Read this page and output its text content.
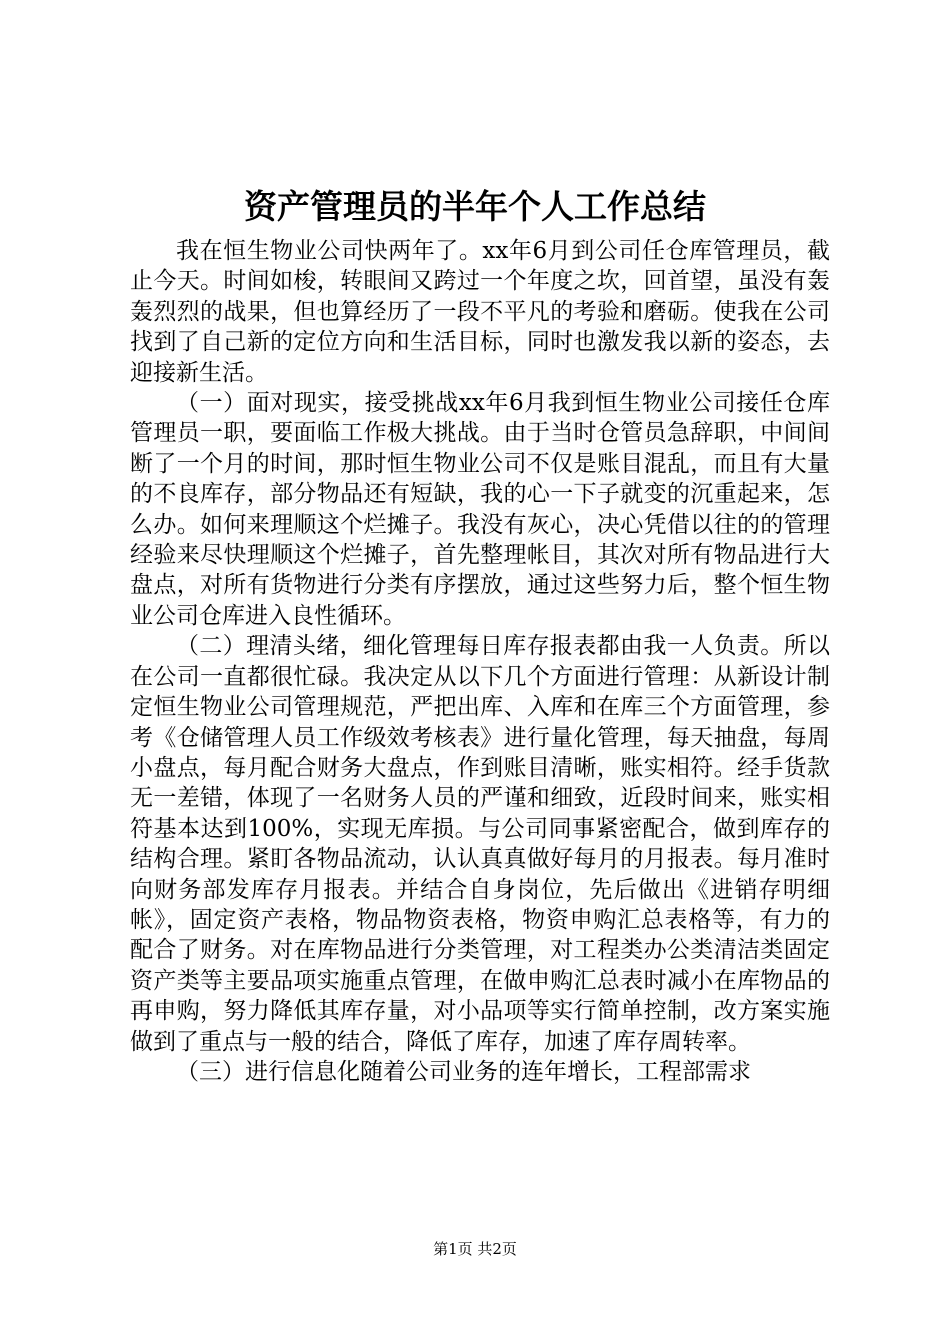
资产管理员的半年个人工作总结

我在恒生物业公司快两年了。xx年6月到公司任仓库管理员，截止今天。时间如梭，转眼间又跨过一个年度之坎，回首望，虽没有轰轰烈烈的战果，但也算经历了一段不平凡的考验和磨砺。使我在公司找到了自己新的定位方向和生活目标，同时也激发我以新的姿态，去迎接新生活。

（一）面对现实，接受挑战xx年6月我到恒生物业公司接任仓库管理员一职，要面临工作极大挑战。由于当时仓管员急辞职，中间间断了一个月的时间，那时恒生物业公司不仅是账目混乱，而且有大量的不良库存，部分物品还有短缺，我的心一下子就变的沉重起来，怎么办。如何来理顺这个烂摊子。我没有灰心，决心凭借以往的的管理经验来尽快理顺这个烂摊子，首先整理帐目，其次对所有物品进行大盘点，对所有货物进行分类有序摆放，通过这些努力后，整个恒生物业公司仓库进入良性循环。

（二）理清头绪，细化管理每日库存报表都由我一人负责。所以在公司一直都很忙碌。我决定从以下几个方面进行管理：从新设计制定恒生物业公司管理规范，严把出库、入库和在库三个方面管理，参考《仓储管理人员工作级效考核表》进行量化管理，每天抽盘，每周小盘点，每月配合财务大盘点，作到账目清晰，账实相符。经手货款无一差错，体现了一名财务人员的严谨和细致，近段时间来，账实相符基本达到100%，实现无库损。与公司同事紧密配合，做到库存的结构合理。紧盯各物品流动，认认真真做好每月的月报表。每月准时向财务部发库存月报表。并结合自身岗位，先后做出《进销存明细帐》，固定资产表格，物品物资表格，物资申购汇总表格等，有力的配合了财务。对在库物品进行分类管理，对工程类办公类清洁类固定资产类等主要品项实施重点管理，在做申购汇总表时减小在库物品的再申购，努力降低其库存量，对小品项等实行简单控制，改方案实施做到了重点与一般的结合，降低了库存，加速了库存周转率。

（三）进行信息化随着公司业务的连年增长，工程部需求

第1页 共2页
